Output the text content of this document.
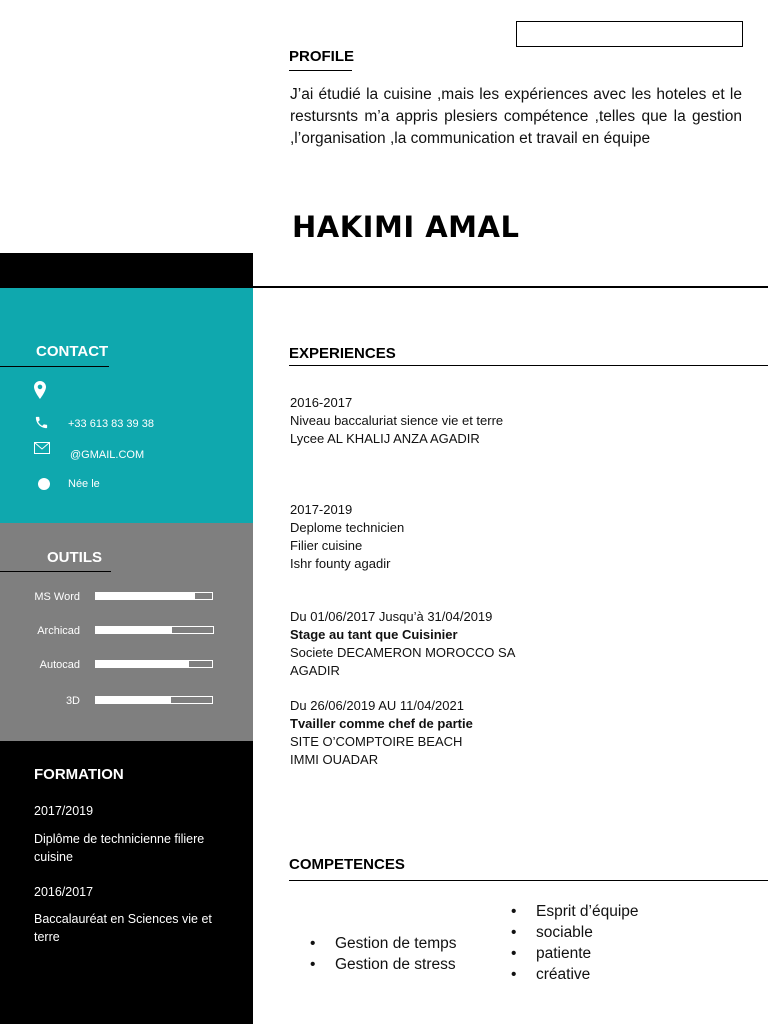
PROFILE
J’ai étudié la cuisine ,mais les expériences avec les hoteles et le restursnts m’a appris plesiers compétence ,telles que la gestion ,l’organisation ,la communication et travail en équipe
HAKIMI AMAL
CONTACT
+33 613 83 39 38
@GMAIL.COM
Née le
OUTILS
MS Word
Archicad
Autocad
3D
FORMATION
2017/2019
Diplôme de technicienne filiere cuisine
2016/2017
Baccalauréat en Sciences vie et terre
EXPERIENCES
2016-2017
Niveau baccaluriat sience vie et terre
Lycee AL KHALIJ ANZA AGADIR
2017-2019
Deplome technicien
Filier cuisine
Ishr founty agadir
Du 01/06/2017 Jusqu’à 31/04/2019
Stage au tant que Cuisinier
Societe DECAMERON MOROCCO SA
AGADIR
Du 26/06/2019 AU 11/04/2021
Tvailler comme chef de partie
SITE O’COMPTOIRE BEACH
IMMI OUADAR
COMPETENCES
• Gestion de temps
• Gestion de stress
• Esprit d’équipe
• sociable
• patiente
• créative
